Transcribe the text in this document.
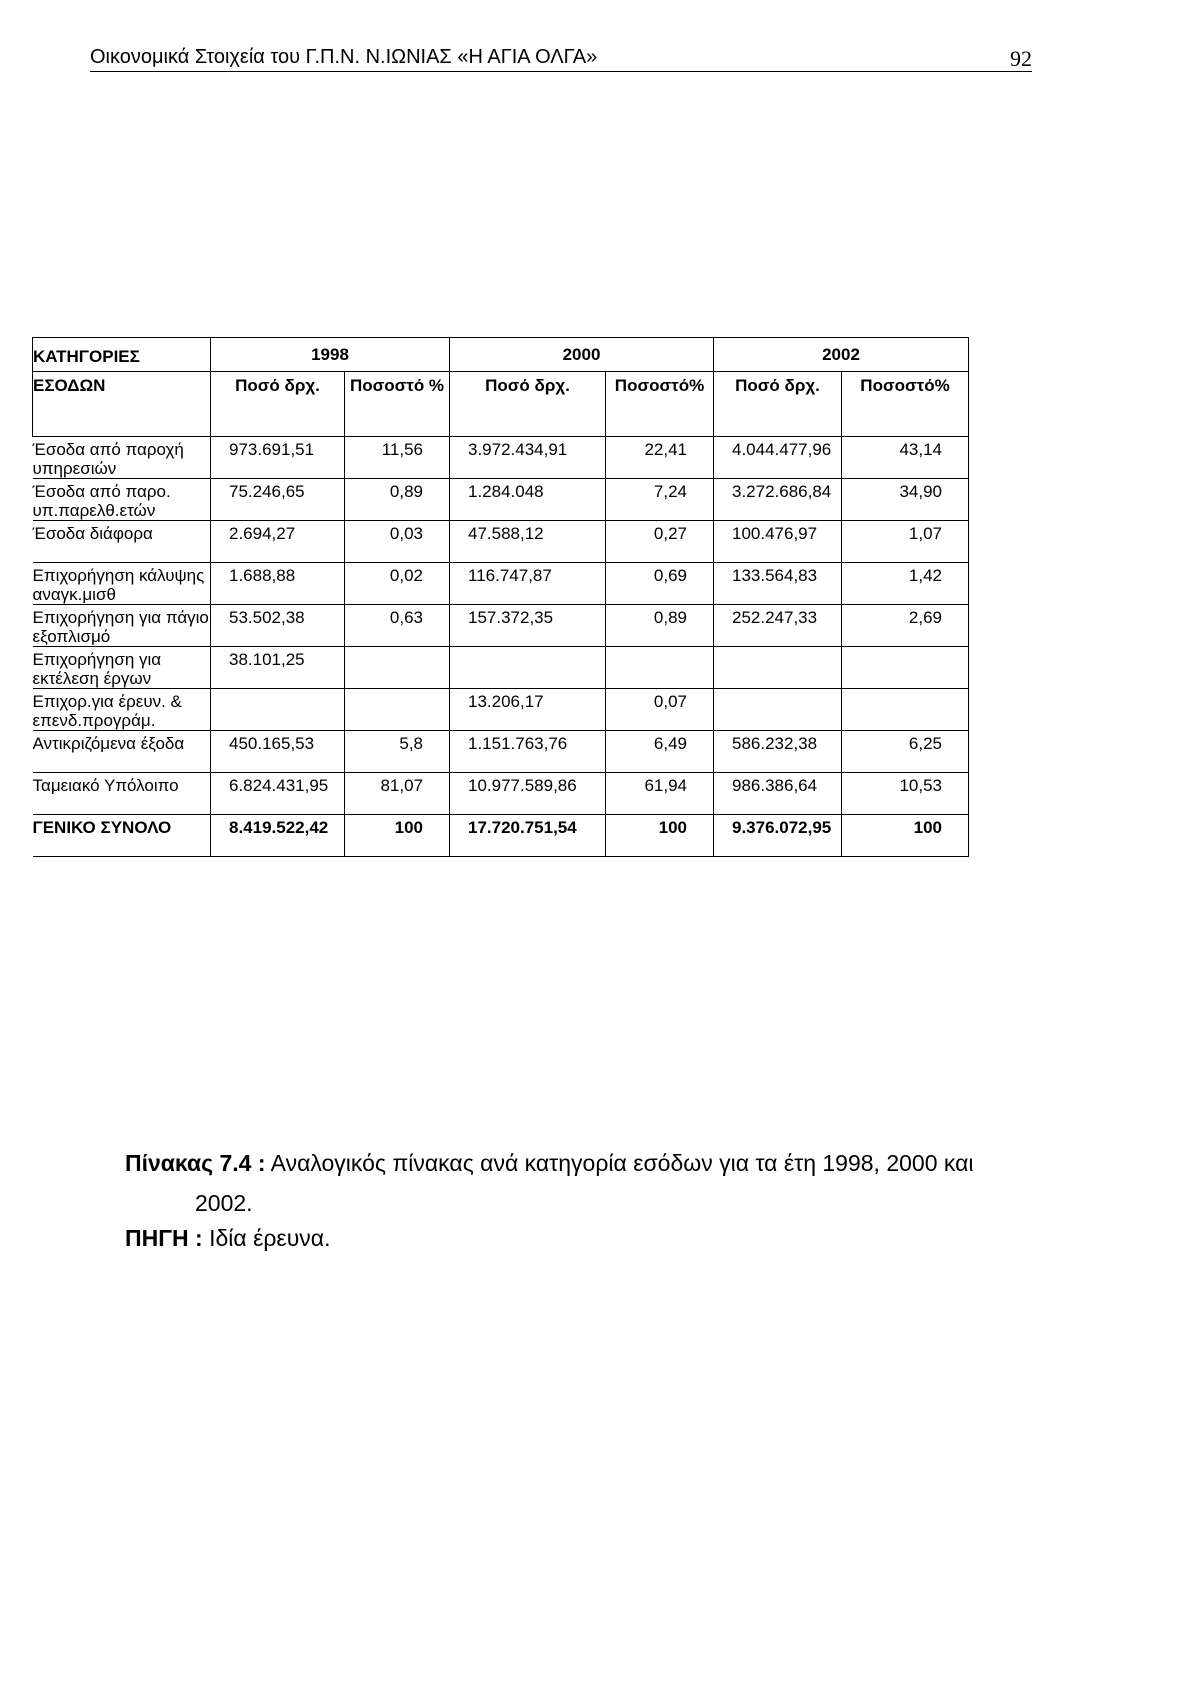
Οικονομικά Στοιχεία του Γ.Π.Ν. Ν.ΙΩΝΙΑΣ «Η ΑΓΙΑ ΟΛΓΑ»	92
ΚΑΤΗΓΟΡΙΕΣ	1998		2000		2002	
ΕΣΟΔΩΝ	Ποσό δρχ.	Ποσοστό %	Ποσό δρχ.	Ποσοστό%	Ποσό δρχ.	Ποσοστό%
Έσοδα από παροχή υπηρεσιών	973.691,51	11,56	3.972.434,91	22,41	4.044.477,96	43,14
Έσοδα από παρο. υπ.παρελθ.ετών	75.246,65	0,89	1.284.048	7,24	3.272.686,84	34,90
Έσοδα διάφορα	2.694,27	0,03	47.588,12	0,27	100.476,97	1,07
Επιχορήγηση κάλυψης αναγκ.μισθ	1.688,88	0,02	116.747,87	0,69	133.564,83	1,42
Επιχορήγηση για πάγιο εξοπλισμό	53.502,38	0,63	157.372,35	0,89	252.247,33	2,69
Επιχορήγηση για εκτέλεση έργων	38.101,25					
Επιχορ.για έρευν. & επενδ.προγράμ.			13.206,17	0,07		
Αντικριζόμενα έξοδα	450.165,53	5,8	1.151.763,76	6,49	586.232,38	6,25
Ταμειακό Υπόλοιπο	6.824.431,95	81,07	10.977.589,86	61,94	986.386,64	10,53
ΓΕΝΙΚΟ ΣΥΝΟΛΟ	8.419.522,42	100	17.720.751,54	100	9.376.072,95	100
Πίνακας 7.4 : Αναλογικός πίνακας ανά κατηγορία εσόδων για τα έτη 1998, 2000 και
2002.
ΠΗΓΗ : Ιδία έρευνα.
